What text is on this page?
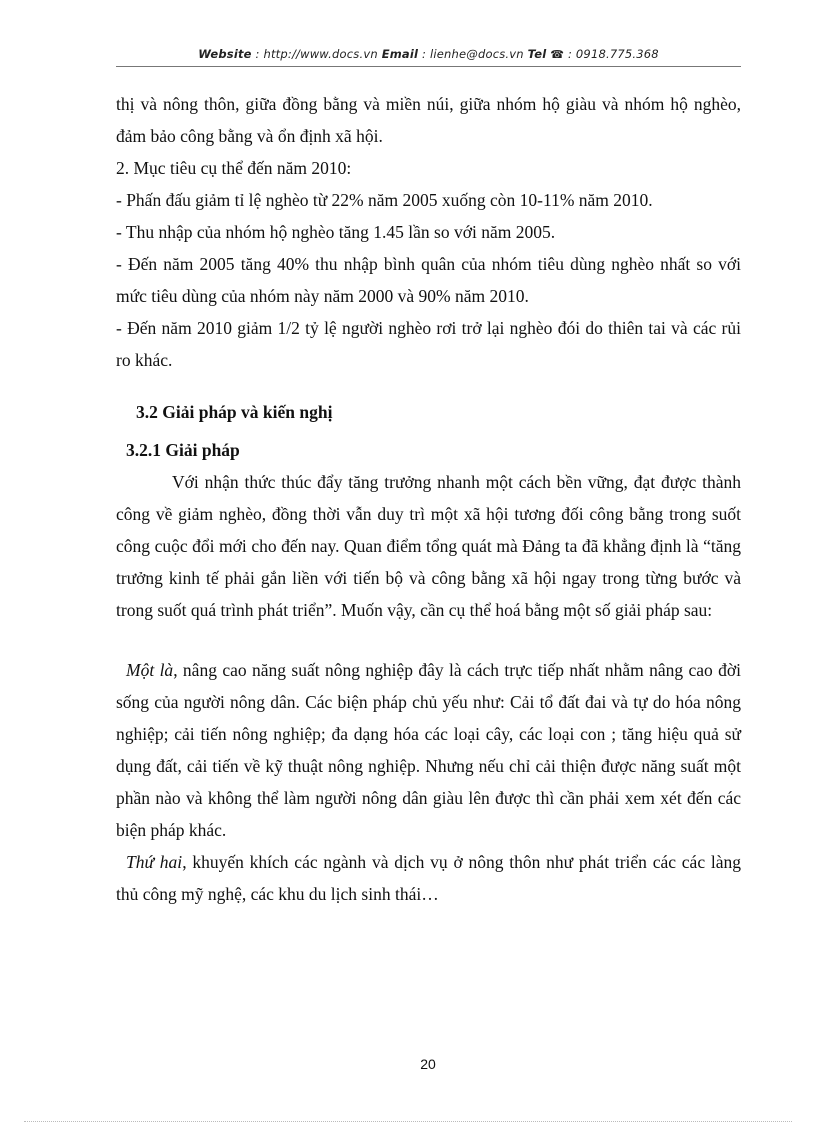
Website : http://www.docs.vn Email : lienhe@docs.vn Tel ☎ : 0918.775.368

thị và nông thôn, giữa đồng bằng và miền núi, giữa nhóm hộ giàu và nhóm hộ nghèo, đảm bảo công bằng và ổn định xã hội.

2. Mục tiêu cụ thể đến năm 2010:

- Phấn đấu giảm tỉ lệ nghèo từ 22% năm 2005 xuống còn 10-11% năm 2010.

- Thu nhập của nhóm hộ nghèo tăng 1.45 lần so với năm 2005.

- Đến năm 2005 tăng 40% thu nhập bình quân của nhóm tiêu dùng nghèo nhất so với mức tiêu dùng của nhóm này năm 2000 và 90% năm 2010.

- Đến năm 2010 giảm 1/2 tỷ lệ người nghèo rơi trở lại nghèo đói do thiên tai và các rủi ro khác.

3.2 Giải pháp và kiến nghị

3.2.1 Giải pháp

Với nhận thức thúc đẩy tăng trưởng nhanh một cách bền vững, đạt được thành công về giảm nghèo, đồng thời vẫn duy trì một xã hội tương đối công bằng trong suốt công cuộc đổi mới cho đến nay. Quan điểm tổng quát mà Đảng ta đã khẳng định là “tăng trưởng kinh tế phải gắn liền với tiến bộ và công bằng xã hội ngay trong từng bước và trong suốt quá trình phát triển”. Muốn vậy, cần cụ thể hoá bằng một số giải pháp sau:

Một là, nâng cao năng suất nông nghiệp đây là cách trực tiếp nhất nhằm nâng cao đời sống của người nông dân. Các biện pháp chủ yếu như: Cải tổ đất đai và tự do hóa nông nghiệp; cải tiến nông nghiệp; đa dạng hóa các loại cây, các loại con ; tăng hiệu quả sử dụng đất, cải tiến về kỹ thuật nông nghiệp. Nhưng nếu chỉ cải thiện được năng suất một phần nào và không thể làm người nông dân giàu lên được thì cần phải xem xét đến các biện pháp khác.

Thứ hai, khuyến khích các ngành và dịch vụ ở nông thôn như phát triển các các làng thủ công mỹ nghệ, các khu du lịch sinh thái…

20
